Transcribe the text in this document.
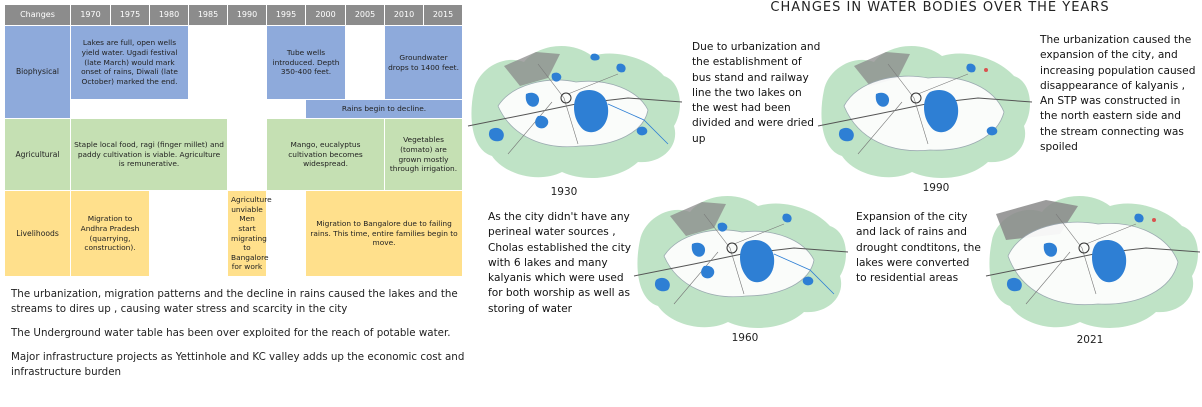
Changes	1970	1975	1980	1985	1990	1995	2000	2005	2010	2015
Biophysical	Lakes are full, open wells yield water. Ugadi festival (late March) would mark onset of rains, Diwali (late October) marked the end.					Tube wells introduced. Depth 350-400 feet.			Groundwater drops to 1400 feet.	
							Rains begin to decline.			
Agricultural	Staple local food, ragi (finger millet) and paddy cultivation is viable. Agriculture is remunerative.					Mango, eucalyptus cultivation becomes widespread.			Vegetables (tomato) are grown mostly through irrigation.	
Livelihoods	Migration to Andhra Pradesh (quarrying, construction).				Agriculture unviable Men start migrating to Bangalore for work		Migration to Bangalore due to failing rains. This time, entire families begin to move.			

The urbanization, migration patterns and the decline in rains caused the lakes and the streams to dires up , causing water stress and scarcity in the city

The Underground water table has been over exploited for the reach of potable water.

Major infrastructure projects as Yettinhole and KC valley adds up the economic cost and infrastructure burden

CHANGES IN WATER BODIES OVER THE YEARS
1930
1960
1990
2021
Due to urbanization and the establishment of bus stand and railway line the two lakes on the west had been divided and were dried up
As the city didn't have any perineal water sources , Cholas established the city with 6 lakes and many kalyanis which were used for both worship as well as storing of water
The urbanization caused the expansion of the city, and increasing population caused disappearance of kalyanis , An STP was constructed in the north eastern side and the stream connecting was spoiled
Expansion of the city and lack of rains and drought condtitons, the lakes were converted to residential areas
